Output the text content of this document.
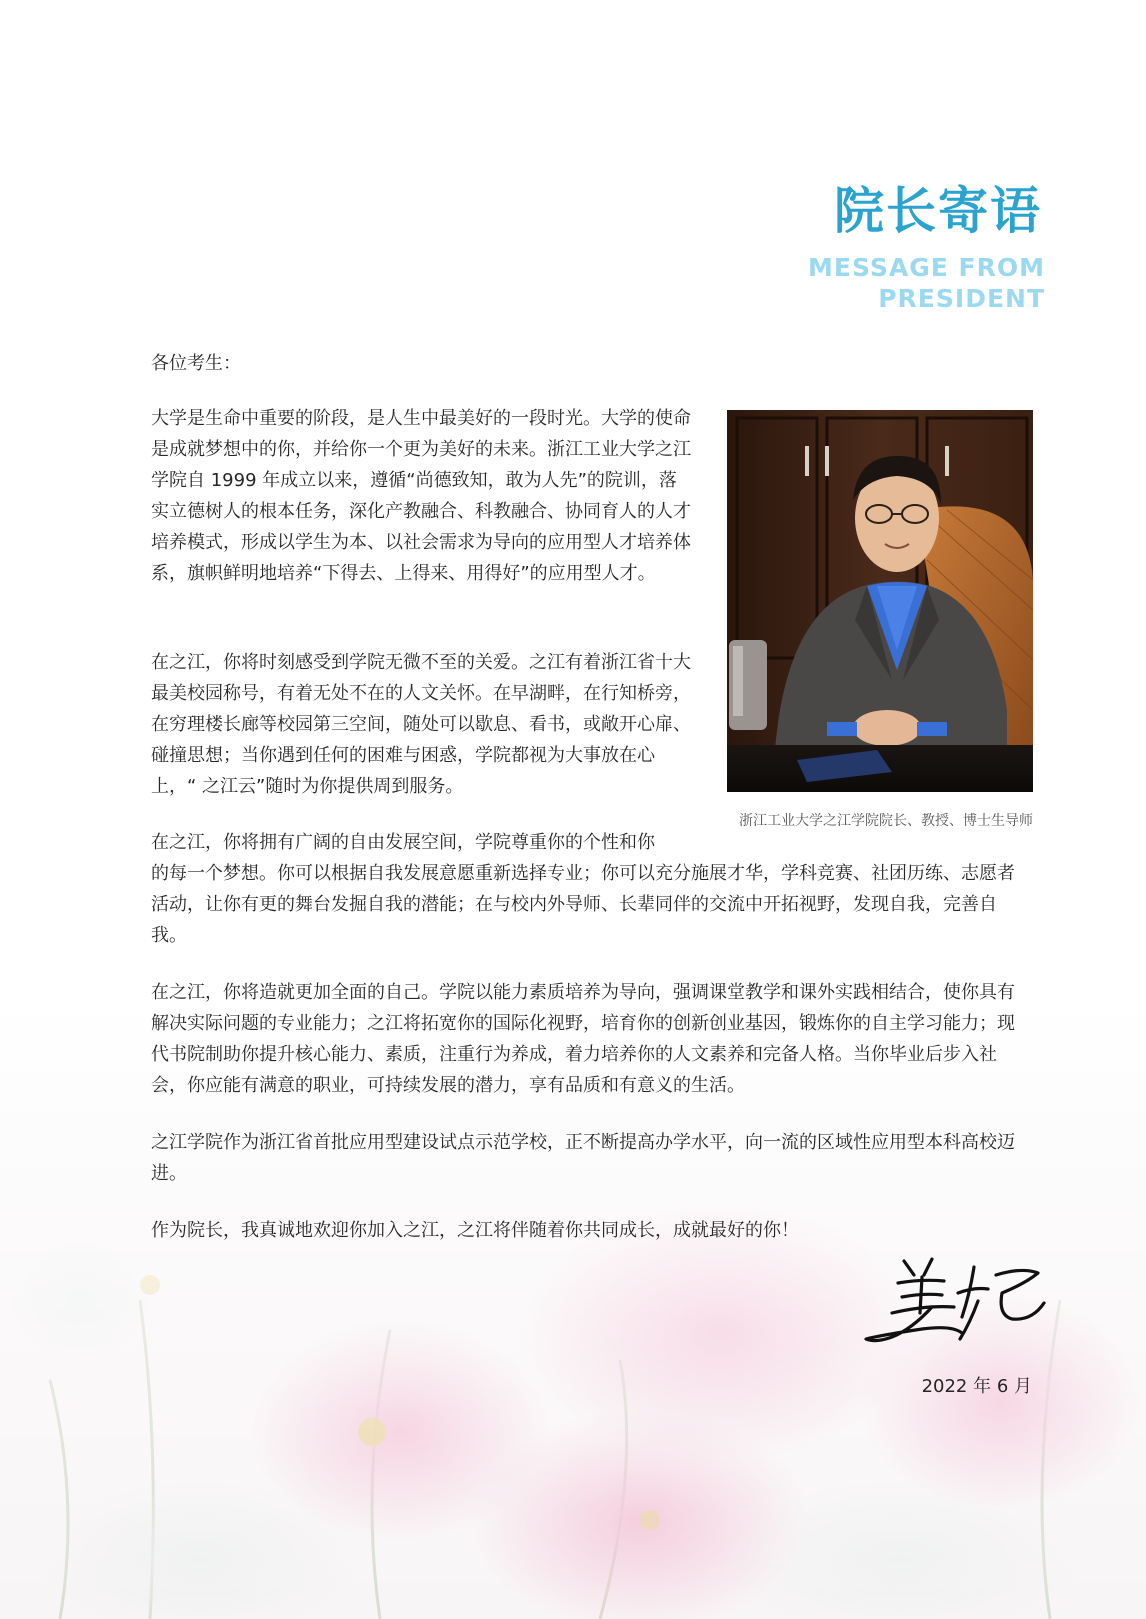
院长寄语
MESSAGE FROM
PRESIDENT

各位考生：

大学是生命中重要的阶段，是人生中最美好的一段时光。大学的使命是成就梦想中的你，并给你一个更为美好的未来。浙江工业大学之江学院自 1999 年成立以来，遵循“尚德致知，敢为人先”的院训，落实立德树人的根本任务，深化产教融合、科教融合、协同育人的人才培养模式，形成以学生为本、以社会需求为导向的应用型人才培养体系，旗帜鲜明地培养“下得去、上得来、用得好”的应用型人才。

在之江，你将时刻感受到学院无微不至的关爱。之江有着浙江省十大最美校园称号，有着无处不在的人文关怀。在早湖畔，在行知桥旁，在穷理楼长廊等校园第三空间，随处可以歇息、看书，或敞开心扉、碰撞思想；当你遇到任何的困难与困惑，学院都视为大事放在心上，“ 之江云”随时为你提供周到服务。

在之江，你将拥有广阔的自由发展空间，学院尊重你的个性和你
的每一个梦想。你可以根据自我发展意愿重新选择专业；你可以充分施展才华，学科竞赛、社团历练、志愿者活动，让你有更的舞台发掘自我的潜能；在与校内外导师、长辈同伴的交流中开拓视野，发现自我，完善自我。

在之江，你将造就更加全面的自己。学院以能力素质培养为导向，强调课堂教学和课外实践相结合，使你具有解决实际问题的专业能力；之江将拓宽你的国际化视野，培育你的创新创业基因，锻炼你的自主学习能力；现代书院制助你提升核心能力、素质，注重行为养成，着力培养你的人文素养和完备人格。当你毕业后步入社会，你应能有满意的职业，可持续发展的潜力，享有品质和有意义的生活。

之江学院作为浙江省首批应用型建设试点示范学校，正不断提高办学水平，向一流的区域性应用型本科高校迈进。

作为院长，我真诚地欢迎你加入之江，之江将伴随着你共同成长，成就最好的你！

浙江工业大学之江学院院长、教授、博士生导师

2022 年 6 月
